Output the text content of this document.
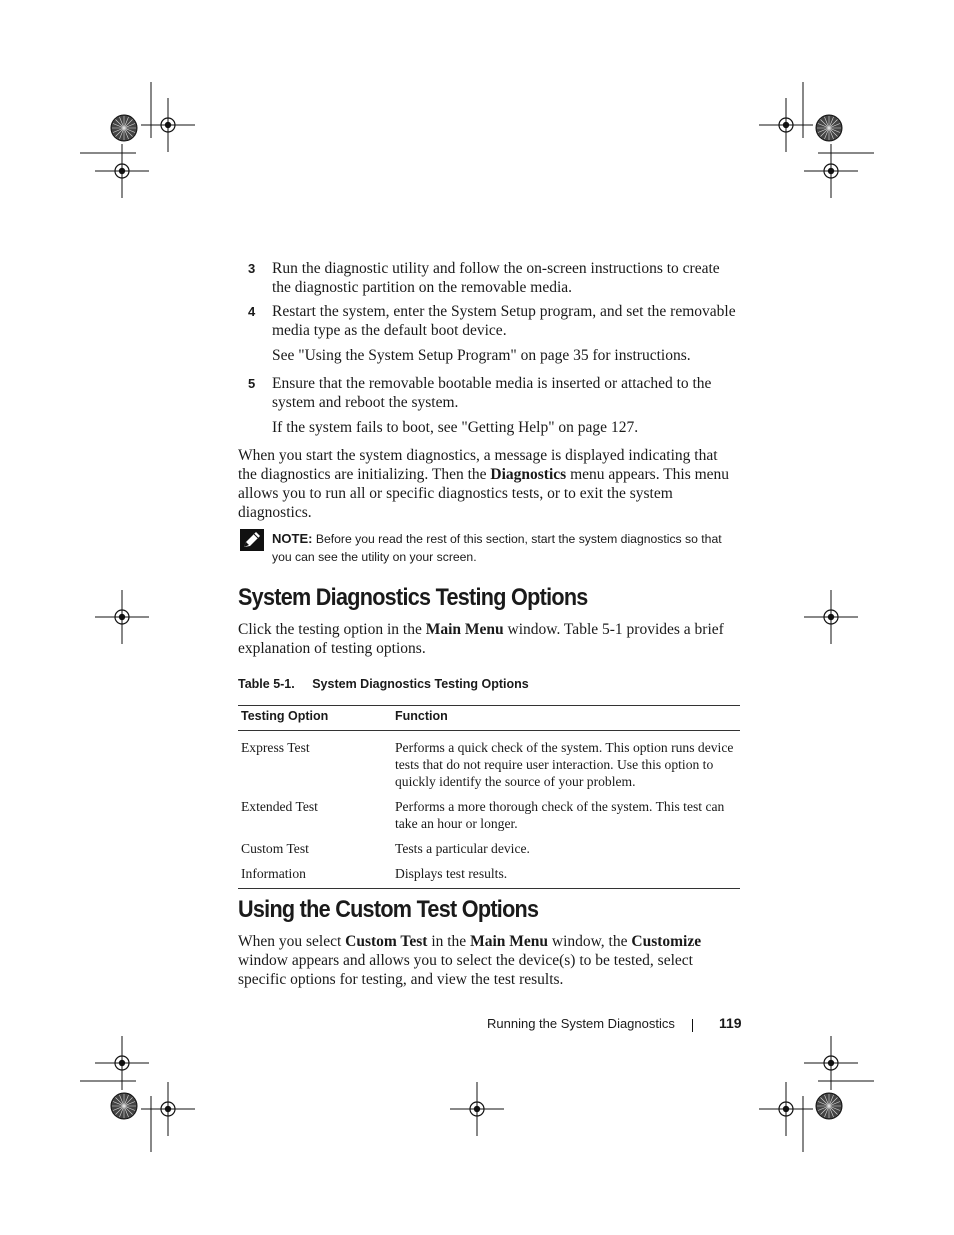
3 Run the diagnostic utility and follow the on-screen instructions to create the diagnostic partition on the removable media.
4 Restart the system, enter the System Setup program, and set the removable media type as the default boot device.
See "Using the System Setup Program" on page 35 for instructions.
5 Ensure that the removable bootable media is inserted or attached to the system and reboot the system.
If the system fails to boot, see "Getting Help" on page 127.
When you start the system diagnostics, a message is displayed indicating that the diagnostics are initializing. Then the Diagnostics menu appears. This menu allows you to run all or specific diagnostics tests, or to exit the system diagnostics.
NOTE: Before you read the rest of this section, start the system diagnostics so that you can see the utility on your screen.
System Diagnostics Testing Options
Click the testing option in the Main Menu window. Table 5-1 provides a brief explanation of testing options.
Table 5-1. System Diagnostics Testing Options
Testing Option	Function
Express Test	Performs a quick check of the system. This option runs device tests that do not require user interaction. Use this option to quickly identify the source of your problem.
Extended Test	Performs a more thorough check of the system. This test can take an hour or longer.
Custom Test	Tests a particular device.
Information	Displays test results.
Using the Custom Test Options
When you select Custom Test in the Main Menu window, the Customize window appears and allows you to select the device(s) to be tested, select specific options for testing, and view the test results.
Running the System Diagnostics	119
